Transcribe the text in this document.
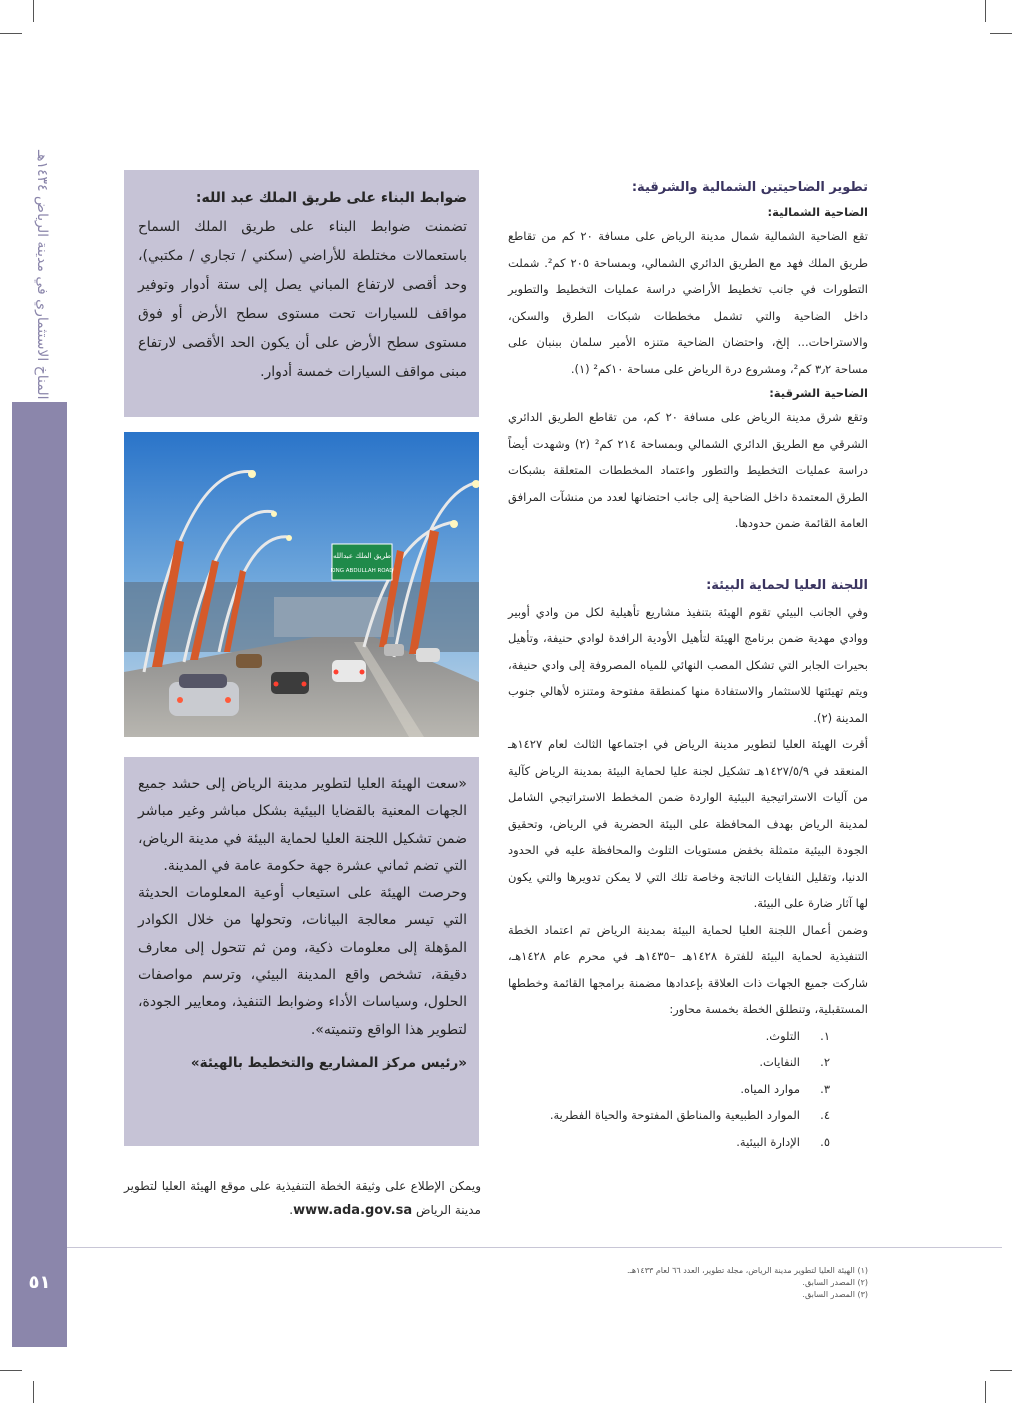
المناخ الاستثماري في مدينة الرياض ١٤٣٤هـ
٥١
تطوير الضاحيتين الشمالية والشرقية:
الضاحية الشمالية:

تقع الضاحية الشمالية شمال مدينة الرياض على مسافة ٢٠ كم من تقاطع طريق الملك فهد مع الطريق الدائري الشمالي، وبمساحة ٢٠٥ كم². شملت التطورات في جانب تخطيط الأراضي دراسة عمليات التخطيط والتطوير داخل الضاحية والتي تشمل مخططات شبكات الطرق والسكن، والاستراحات... إلخ، واحتضان الضاحية متنزه الأمير سلمان ببنبان على مساحة ٣٫٢ كم²، ومشروع درة الرياض على مساحة ١٠كم² (١).

الضاحية الشرقية:

وتقع شرق مدينة الرياض على مسافة ٢٠ كم، من تقاطع الطريق الدائري الشرقي مع الطريق الدائري الشمالي وبمساحة ٢١٤ كم² (٢) وشهدت أيضاً دراسة عمليات التخطيط والتطور واعتماد المخططات المتعلقة بشبكات الطرق المعتمدة داخل الضاحية إلى جانب احتضانها لعدد من منشآت المرافق العامة القائمة ضمن حدودها.

اللجنة العليا لحماية البيئة:

وفي الجانب البيئي تقوم الهيئة بتنفيذ مشاريع تأهيلية لكل من وادي أوبير ووادي مهدية ضمن برنامج الهيئة لتأهيل الأودية الرافدة لوادي حنيفة، وتأهيل بحيرات الجابر التي تشكل المصب النهائي للمياه المصروفة إلى وادي حنيفة، ويتم تهيئتها للاستثمار والاستفادة منها كمنطقة مفتوحة ومتنزه لأهالي جنوب المدينة (٢).

أقرت الهيئة العليا لتطوير مدينة الرياض في اجتماعها الثالث لعام ١٤٢٧هـ المنعقد في ١٤٢٧/٥/٩هـ تشكيل لجنة عليا لحماية البيئة بمدينة الرياض كآلية من آليات الاستراتيجية البيئية الواردة ضمن المخطط الاستراتيجي الشامل لمدينة الرياض بهدف المحافظة على البيئة الحضرية في الرياض، وتحقيق الجودة البيئية متمثلة بخفض مستويات التلوث والمحافظة عليه في الحدود الدنيا، وتقليل النفايات الناتجة وخاصة تلك التي لا يمكن تدويرها والتي يكون لها آثار ضارة على البيئة.

وضمن أعمال اللجنة العليا لحماية البيئة بمدينة الرياض تم اعتماد الخطة التنفيذية لحماية البيئة للفترة ١٤٢٨هـ –١٤٣٥هـ في محرم عام ١٤٢٨هـ، شاركت جميع الجهات ذات العلاقة بإعدادها مضمنة برامجها القائمة وخططها المستقبلية، وتنطلق الخطة بخمسة محاور:

١.التلوث.
٢.النفايات.
٣.موارد المياه.
٤.الموارد الطبيعية والمناطق المفتوحة والحياة الفطرية.
٥.الإدارة البيئية.
ضوابط البناء على طريق الملك عبد الله:
تضمنت ضوابط البناء على طريق الملك السماح باستعمالات مختلطة للأراضي (سكني / تجاري / مكتبي)، وحد أقصى لارتفاع المباني يصل إلى ستة أدوار وتوفير مواقف للسيارات تحت مستوى سطح الأرض أو فوق مستوى سطح الأرض على أن يكون الحد الأقصى لارتفاع مبنى مواقف السيارات خمسة أدوار.
طريق الملك عبدالله
KING ABDULLAH ROAD
«سعت الهيئة العليا لتطوير مدينة الرياض إلى حشد جميع الجهات المعنية بالقضايا البيئية بشكل مباشر وغير مباشر ضمن تشكيل اللجنة العليا لحماية البيئة في مدينة الرياض، التي تضم ثماني عشرة جهة حكومة عامة في المدينة.
وحرصت الهيئة على استيعاب أوعية المعلومات الحديثة التي تيسر معالجة البيانات، وتحولها من خلال الكوادر المؤهلة إلى معلومات ذكية، ومن ثم تتحول إلى معارف دقيقة، تشخص واقع المدينة البيئي، وترسم مواصفات الحلول، وسياسات الأداء وضوابط التنفيذ، ومعايير الجودة، لتطوير هذا الواقع وتنميته».
«رئيس مركز المشاريع والتخطيط بالهيئة»
ويمكن الإطلاع على وثيقة الخطة التنفيذية على موقع الهيئة العليا لتطوير مدينة الرياض www.ada.gov.sa.
(١) الهيئة العليا لتطوير مدينة الرياض، مجلة تطوير، العدد ٦٦ لعام ١٤٣٣هـ.
(٢) المصدر السابق.
(٣) المصدر السابق.
